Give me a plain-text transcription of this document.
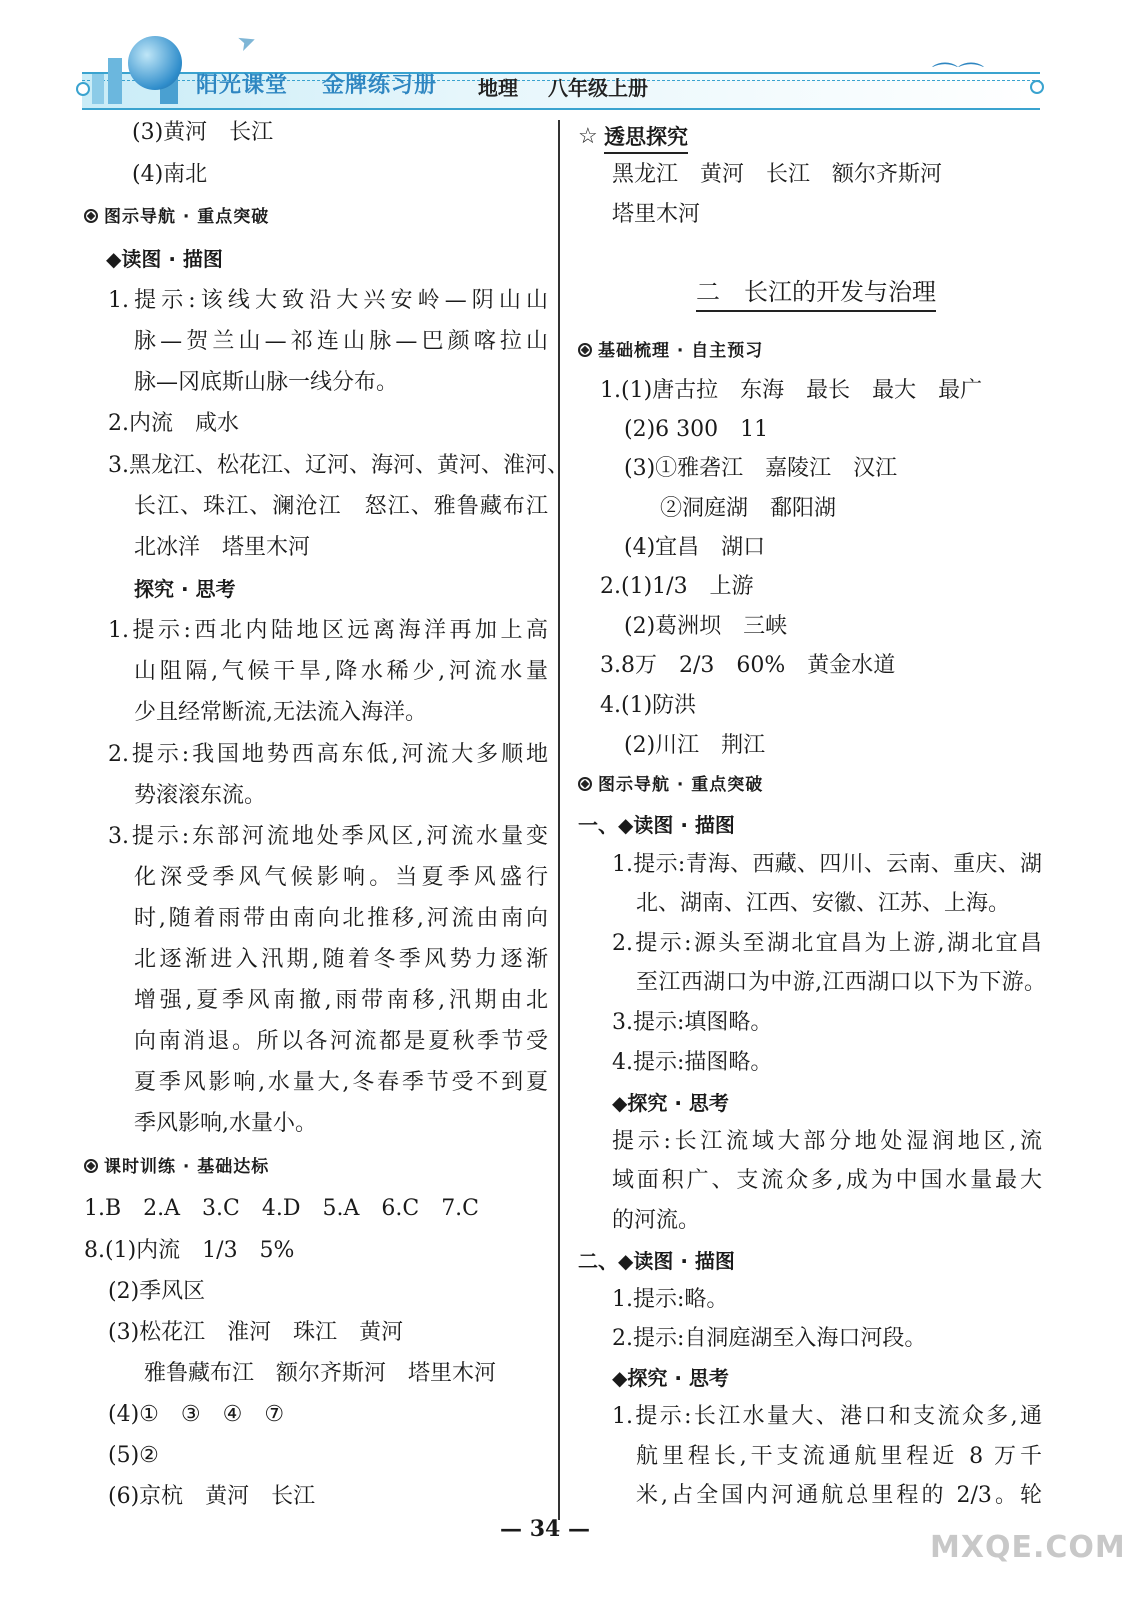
➤
⌒⌒
阳光课堂 金牌练习册 地理 八年级上册
(3)黄河　长江
(4)南北
图示导航 · 重点突破
◆读图 · 描图
1.提示:该线大致沿大兴安岭—阴山山
脉—贺兰山—祁连山脉—巴颜喀拉山
脉—冈底斯山脉一线分布。
2.内流　咸水
3.黑龙江、松花江、辽河、海河、黄河、淮河、
长江、珠江、澜沧江　怒江、雅鲁藏布江
北冰洋　塔里木河
探究 · 思考
1.提示:西北内陆地区远离海洋再加上高
山阻隔,气候干旱,降水稀少,河流水量
少且经常断流,无法流入海洋。
2.提示:我国地势西高东低,河流大多顺地
势滚滚东流。
3.提示:东部河流地处季风区,河流水量变
化深受季风气候影响。当夏季风盛行
时,随着雨带由南向北推移,河流由南向
北逐渐进入汛期,随着冬季风势力逐渐
增强,夏季风南撤,雨带南移,汛期由北
向南消退。所以各河流都是夏秋季节受
夏季风影响,水量大,冬春季节受不到夏
季风影响,水量小。
课时训练 · 基础达标
1.B　2.A　3.C　4.D　5.A　6.C　7.C
8.(1)内流　1/3　5%
(2)季风区
(3)松花江　淮河　珠江　黄河
雅鲁藏布江　额尔齐斯河　塔里木河
(4)①　③　④　⑦
(5)②
(6)京杭　黄河　长江
☆ 透思探究
黑龙江　黄河　长江　额尔齐斯河
塔里木河
二　长江的开发与治理
基础梳理 · 自主预习
1.(1)唐古拉　东海　最长　最大　最广
(2)6 300　11
(3)①雅砻江　嘉陵江　汉江
②洞庭湖　鄱阳湖
(4)宜昌　湖口
2.(1)1/3　上游
(2)葛洲坝　三峡
3.8万　2/3　60%　黄金水道
4.(1)防洪
(2)川江　荆江
图示导航 · 重点突破
一、◆读图 · 描图
1.提示:青海、西藏、四川、云南、重庆、湖
北、湖南、江西、安徽、江苏、上海。
2.提示:源头至湖北宜昌为上游,湖北宜昌
至江西湖口为中游,江西湖口以下为下游。
3.提示:填图略。
4.提示:描图略。
◆探究 · 思考
提示:长江流域大部分地处湿润地区,流
域面积广、支流众多,成为中国水量最大
的河流。
二、◆读图 · 描图
1.提示:略。
2.提示:自洞庭湖至入海口河段。
◆探究 · 思考
1.提示:长江水量大、港口和支流众多,通
航里程长,干支流通航里程近 8 万千
米,占全国内河通航总里程的 2/3。轮
— 34 —
MXQE.COM
